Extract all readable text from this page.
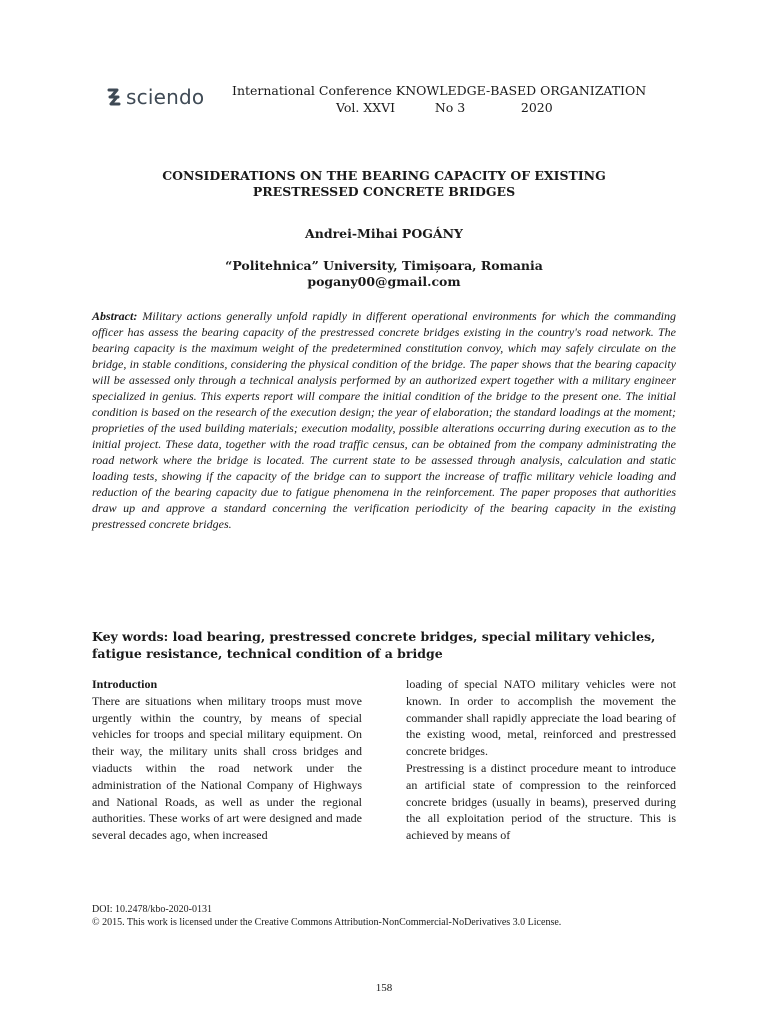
sciendo International Conference KNOWLEDGE-BASED ORGANIZATION
Vol. XXVI          No 3              2020
CONSIDERATIONS ON THE BEARING CAPACITY OF EXISTING
PRESTRESSED CONCRETE BRIDGES
Andrei-Mihai POGÁNY
“Politehnica” University, Timișoara, Romania
pogany00@gmail.com
Abstract: Military actions generally unfold rapidly in different operational environments for which the commanding officer has assess the bearing capacity of the prestressed concrete bridges existing in the country's road network. The bearing capacity is the maximum weight of the predetermined constitution convoy, which may safely circulate on the bridge, in stable conditions, considering the physical condition of the bridge. The paper shows that the bearing capacity will be assessed only through a technical analysis performed by an authorized expert together with a military engineer specialized in genius. This experts report will compare the initial condition of the bridge to the present one. The initial condition is based on the research of the execution design; the year of elaboration; the standard loadings at the moment; proprieties of the used building materials; execution modality, possible alterations occurring during execution as to the initial project. These data, together with the road traffic census, can be obtained from the company administrating the road network where the bridge is located. The current state to be assessed through analysis, calculation and static loading tests, showing if the capacity of the bridge can to support the increase of traffic military vehicle loading and reduction of the bearing capacity due to fatigue phenomena in the reinforcement. The paper proposes that authorities draw up and approve a standard concerning the verification periodicity of the bearing capacity in the existing prestressed concrete bridges.
Key words: load bearing, prestressed concrete bridges, special military vehicles, fatigue resistance, technical condition of a bridge
Introduction

There are situations when military troops must move urgently within the country, by means of special vehicles for troops and special military equipment. On their way, the military units shall cross bridges and viaducts within the road network under the administration of the National Company of Highways and National Roads, as well as under the regional authorities. These works of art were designed and made several decades ago, when increased

loading of special NATO military vehicles were not known. In order to accomplish the movement the commander shall rapidly appreciate the load bearing of the existing wood, metal, reinforced and prestressed concrete bridges.

Prestressing is a distinct procedure meant to introduce an artificial state of compression to the reinforced concrete bridges (usually in beams), preserved during the all exploitation period of the structure. This is achieved by means of

DOI: 10.2478/kbo-2020-0131
© 2015. This work is licensed under the Creative Commons Attribution-NonCommercial-NoDerivatives 3.0 License.
158
